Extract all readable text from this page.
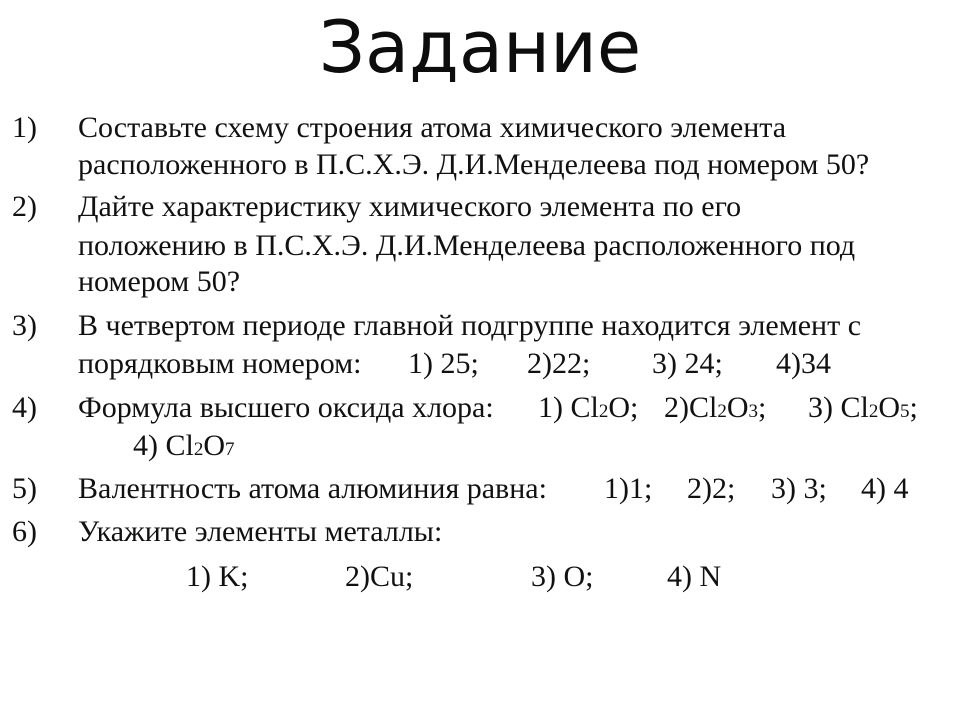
Задание
1) Составьте схему строения атома химического элемента
расположенного в П.С.Х.Э. Д.И.Менделеева под номером 50?
2) Дайте характеристику химического элемента по его
положению в П.С.Х.Э. Д.И.Менделеева расположенного под
номером 50?
3) В четвертом периоде главной подгруппе находится элемент с
порядковым номером: 1) 25; 2)22; 3) 24; 4)34
4) Формула высшего оксида хлора: 1) Cl2O; 2)Cl2O3; 3) Cl2O5;
4) Cl2O7
5) Валентность атома алюминия равна: 1)1; 2)2; 3) 3; 4) 4
6) Укажите элементы металлы:
1) K;	2)Cu;	3) O; 4) N
